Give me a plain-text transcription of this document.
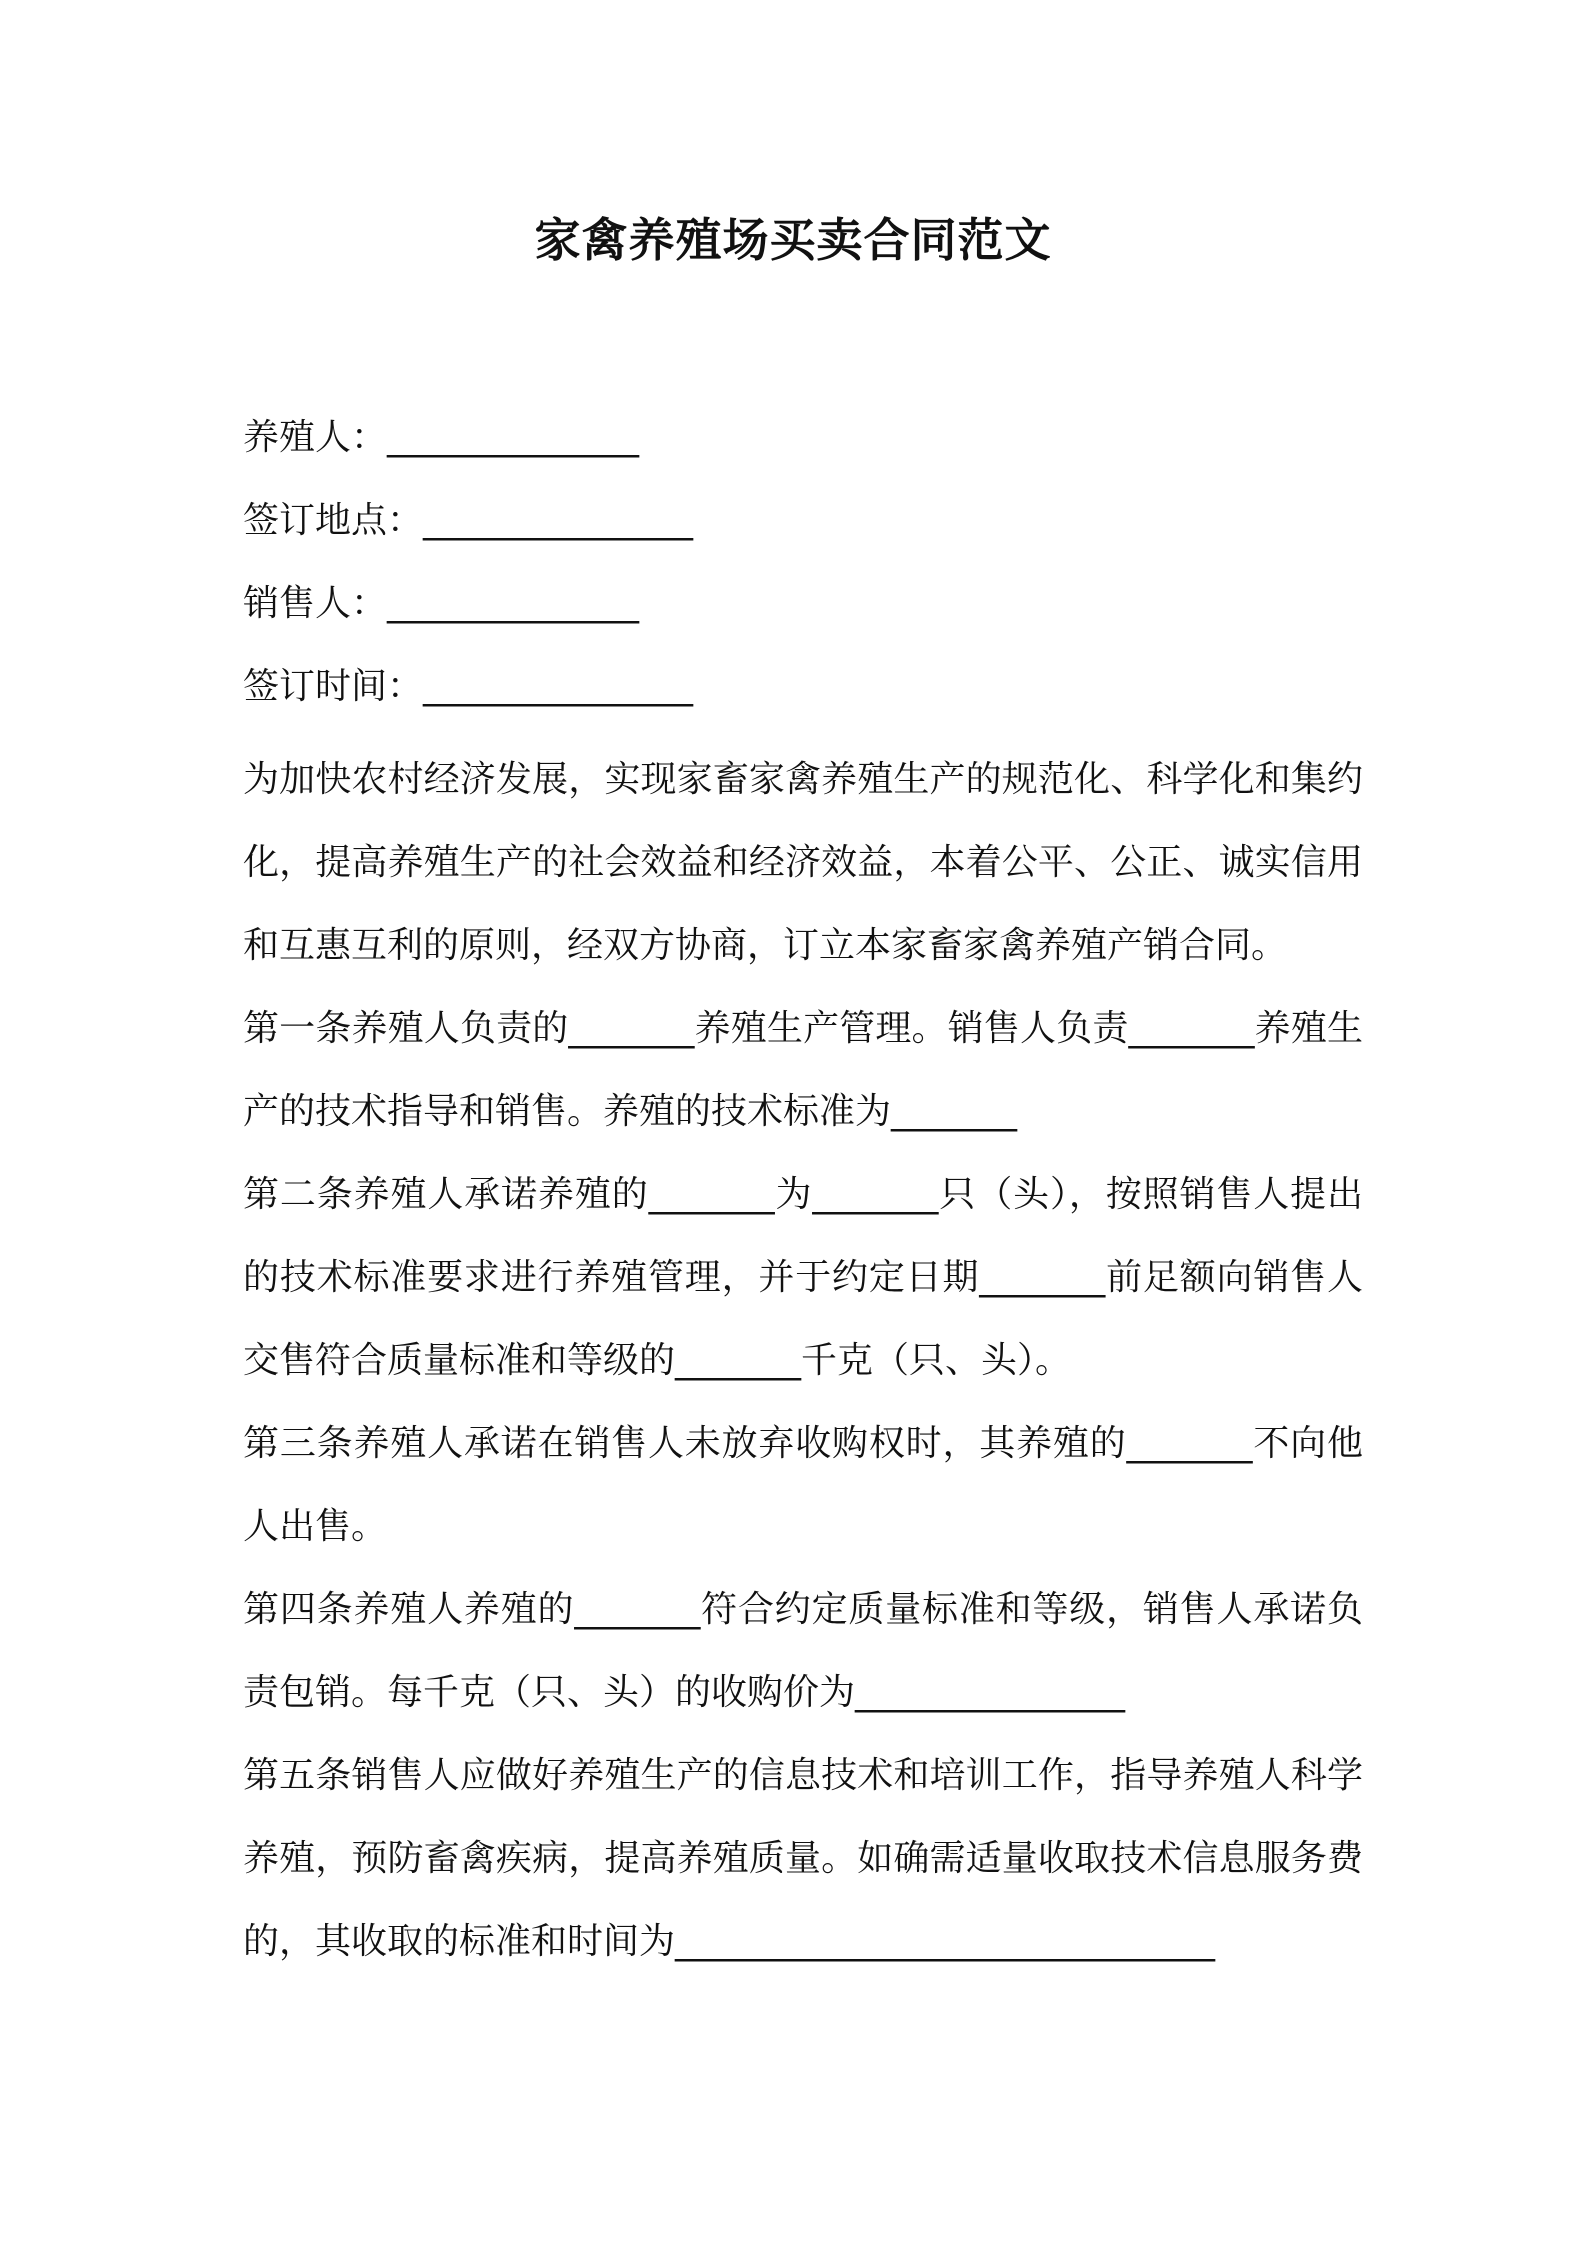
家禽养殖场买卖合同范文
养殖人：______________
签订地点：_______________
销售人：______________
签订时间：_______________

为加快农村经济发展，实现家畜家禽养殖生产的规范化、科学化和集约化，提高养殖生产的社会效益和经济效益，本着公平、公正、诚实信用和互惠互利的原则，经双方协商，订立本家畜家禽养殖产销合同。

第一条养殖人负责的_______养殖生产管理。销售人负责_______养殖生产的技术指导和销售。养殖的技术标准为_______

第二条养殖人承诺养殖的_______为_______只（头），按照销售人提出的技术标准要求进行养殖管理，并于约定日期_______前足额向销售人交售符合质量标准和等级的_______千克（只、头）。

第三条养殖人承诺在销售人未放弃收购权时，其养殖的_______不向他人出售。

第四条养殖人养殖的_______符合约定质量标准和等级，销售人承诺负责包销。每千克（只、头）的收购价为_______________

第五条销售人应做好养殖生产的信息技术和培训工作，指导养殖人科学养殖，预防畜禽疾病，提高养殖质量。如确需适量收取技术信息服务费的，其收取的标准和时间为______________________________
